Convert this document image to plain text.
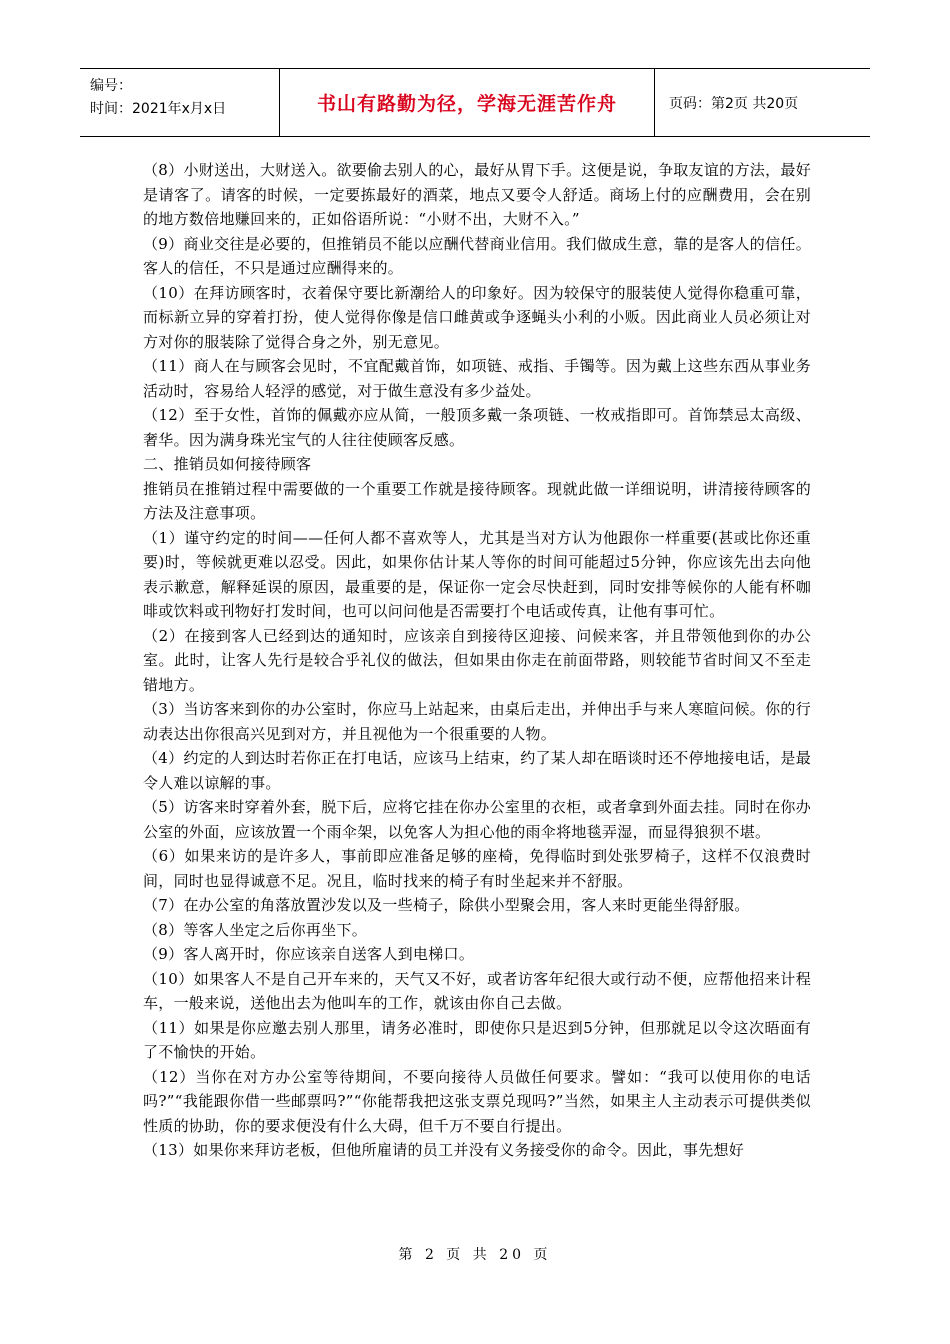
编号：
时间：2021年x月x日	书山有路勤为径，学海无涯苦作舟	页码：第2页 共20页

（8）小财送出，大财送入。欲要偷去别人的心，最好从胃下手。这便是说，争取友谊的方法，最好是请客了。请客的时候，一定要拣最好的酒菜，地点又要令人舒适。商场上付的应酬费用，会在别的地方数倍地赚回来的，正如俗语所说：“小财不出，大财不入。”

（9）商业交往是必要的，但推销员不能以应酬代替商业信用。我们做成生意，靠的是客人的信任。客人的信任，不只是通过应酬得来的。

（10）在拜访顾客时，衣着保守要比新潮给人的印象好。因为较保守的服装使人觉得你稳重可靠，而标新立异的穿着打扮，使人觉得你像是信口雌黄或争逐蝇头小利的小贩。因此商业人员必须让对方对你的服装除了觉得合身之外，别无意见。

（11）商人在与顾客会见时，不宜配戴首饰，如项链、戒指、手镯等。因为戴上这些东西从事业务活动时，容易给人轻浮的感觉，对于做生意没有多少益处。

（12）至于女性，首饰的佩戴亦应从简，一般顶多戴一条项链、一枚戒指即可。首饰禁忌太高级、奢华。因为满身珠光宝气的人往往使顾客反感。

二、推销员如何接待顾客

推销员在推销过程中需要做的一个重要工作就是接待顾客。现就此做一详细说明，讲清接待顾客的方法及注意事项。

（1）谨守约定的时间——任何人都不喜欢等人，尤其是当对方认为他跟你一样重要(甚或比你还重要)时，等候就更难以忍受。因此，如果你估计某人等你的时间可能超过5分钟，你应该先出去向他表示歉意，解释延误的原因，最重要的是，保证你一定会尽快赶到，同时安排等候你的人能有杯咖啡或饮料或刊物好打发时间，也可以问问他是否需要打个电话或传真，让他有事可忙。

（2）在接到客人已经到达的通知时，应该亲自到接待区迎接、问候来客，并且带领他到你的办公室。此时，让客人先行是较合乎礼仪的做法，但如果由你走在前面带路，则较能节省时间又不至走错地方。

（3）当访客来到你的办公室时，你应马上站起来，由桌后走出，并伸出手与来人寒暄问候。你的行动表达出你很高兴见到对方，并且视他为一个很重要的人物。

（4）约定的人到达时若你正在打电话，应该马上结束，约了某人却在晤谈时还不停地接电话，是最令人难以谅解的事。

（5）访客来时穿着外套，脱下后，应将它挂在你办公室里的衣柜，或者拿到外面去挂。同时在你办公室的外面，应该放置一个雨伞架，以免客人为担心他的雨伞将地毯弄湿，而显得狼狈不堪。

（6）如果来访的是许多人，事前即应准备足够的座椅，免得临时到处张罗椅子，这样不仅浪费时间，同时也显得诚意不足。况且，临时找来的椅子有时坐起来并不舒服。

（7）在办公室的角落放置沙发以及一些椅子，除供小型聚会用，客人来时更能坐得舒服。

（8）等客人坐定之后你再坐下。

（9）客人离开时，你应该亲自送客人到电梯口。

（10）如果客人不是自己开车来的，天气又不好，或者访客年纪很大或行动不便，应帮他招来计程车，一般来说，送他出去为他叫车的工作，就该由你自己去做。

（11）如果是你应邀去别人那里，请务必准时，即使你只是迟到5分钟，但那就足以令这次晤面有了不愉快的开始。

（12）当你在对方办公室等待期间，不要向接待人员做任何要求。譬如：“我可以使用你的电话吗?”“我能跟你借一些邮票吗?”“你能帮我把这张支票兑现吗?”当然，如果主人主动表示可提供类似性质的协助，你的要求便没有什么大碍，但千万不要自行提出。

（13）如果你来拜访老板，但他所雇请的员工并没有义务接受你的命令。因此，事先想好

第 2 页 共 20 页
